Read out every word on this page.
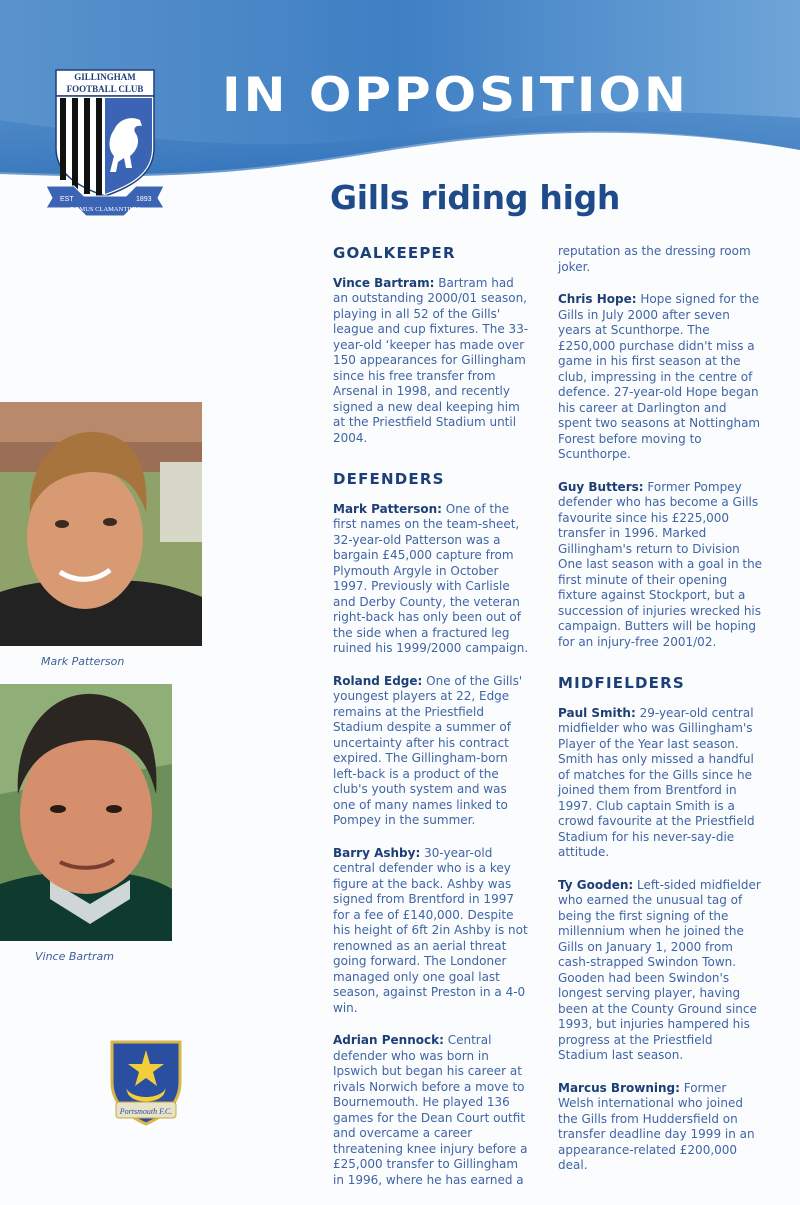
IN OPPOSITION
GILLINGHAM
FOOTBALL CLUB
EST	1893
DOMUS CLAMANTIUM	Gills riding high
Mark Patterson
Vince Bartram
Portsmouth F.C.
GOALKEEPER

Vince Bartram: Bartram had an outstanding 2000/01 season, playing in all 52 of the Gills' league and cup fixtures. The 33-year-old ‘keeper has made over 150 appearances for Gillingham since his free transfer from Arsenal in 1998, and recently signed a new deal keeping him at the Priestfield Stadium until 2004.

DEFENDERS

Mark Patterson: One of the first names on the team-sheet, 32-year-old Patterson was a bargain £45,000 capture from Plymouth Argyle in October 1997. Previously with Carlisle and Derby County, the veteran right-back has only been out of the side when a fractured leg ruined his 1999/2000 campaign.

Roland Edge: One of the Gills' youngest players at 22, Edge remains at the Priestfield Stadium despite a summer of uncertainty after his contract expired. The Gillingham-born left-back is a product of the club's youth system and was one of many names linked to Pompey in the summer.

Barry Ashby: 30-year-old central defender who is a key figure at the back. Ashby was signed from Brentford in 1997 for a fee of £140,000. Despite his height of 6ft 2in Ashby is not renowned as an aerial threat going forward. The Londoner managed only one goal last season, against Preston in a 4-0 win.

Adrian Pennock: Central defender who was born in Ipswich but began his career at rivals Norwich before a move to Bournemouth. He played 136 games for the Dean Court outfit and overcame a career threatening knee injury before a £25,000 transfer to Gillingham in 1996, where he has earned a

reputation as the dressing room joker.

Chris Hope: Hope signed for the Gills in July 2000 after seven years at Scunthorpe. The £250,000 purchase didn't miss a game in his first season at the club, impressing in the centre of defence. 27-year-old Hope began his career at Darlington and spent two seasons at Nottingham Forest before moving to Scunthorpe.

Guy Butters: Former Pompey defender who has become a Gills favourite since his £225,000 transfer in 1996. Marked Gillingham's return to Division One last season with a goal in the first minute of their opening fixture against Stockport, but a succession of injuries wrecked his campaign. Butters will be hoping for an injury-free 2001/02.

MIDFIELDERS

Paul Smith: 29-year-old central midfielder who was Gillingham's Player of the Year last season. Smith has only missed a handful of matches for the Gills since he joined them from Brentford in 1997. Club captain Smith is a crowd favourite at the Priestfield Stadium for his never-say-die attitude.

Ty Gooden: Left-sided midfielder who earned the unusual tag of being the first signing of the millennium when he joined the Gills on January 1, 2000 from cash-strapped Swindon Town. Gooden had been Swindon's longest serving player, having been at the County Ground since 1993, but injuries hampered his progress at the Priestfield Stadium last season.

Marcus Browning: Former Welsh international who joined the Gills from Huddersfield on transfer deadline day 1999 in an appearance-related £200,000 deal.
